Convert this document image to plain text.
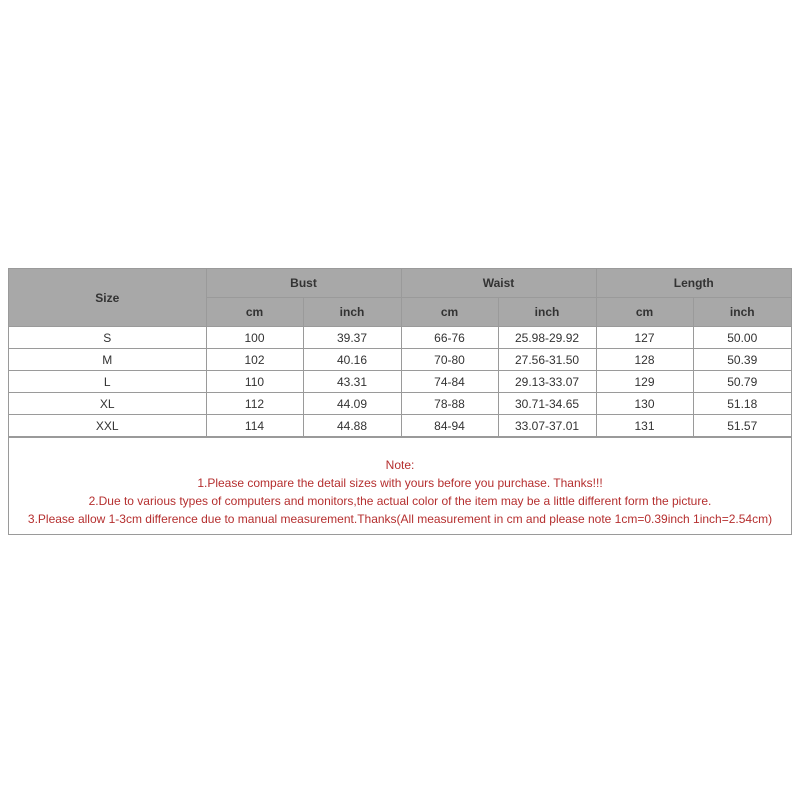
Size	Bust		Waist		Length	
	cm	inch	cm	inch	cm	inch
S	100	39.37	66-76	25.98-29.92	127	50.00
M	102	40.16	70-80	27.56-31.50	128	50.39
L	110	43.31	74-84	29.13-33.07	129	50.79
XL	112	44.09	78-88	30.71-34.65	130	51.18
XXL	114	44.88	84-94	33.07-37.01	131	51.57
Note:
1.Please compare the detail sizes with yours before you purchase. Thanks!!!
2.Due to various types of computers and monitors,the actual color of the item may be a little different form the picture.
3.Please allow 1-3cm difference due to manual measurement.Thanks(All measurement in cm and please note 1cm=0.39inch 1inch=2.54cm)
